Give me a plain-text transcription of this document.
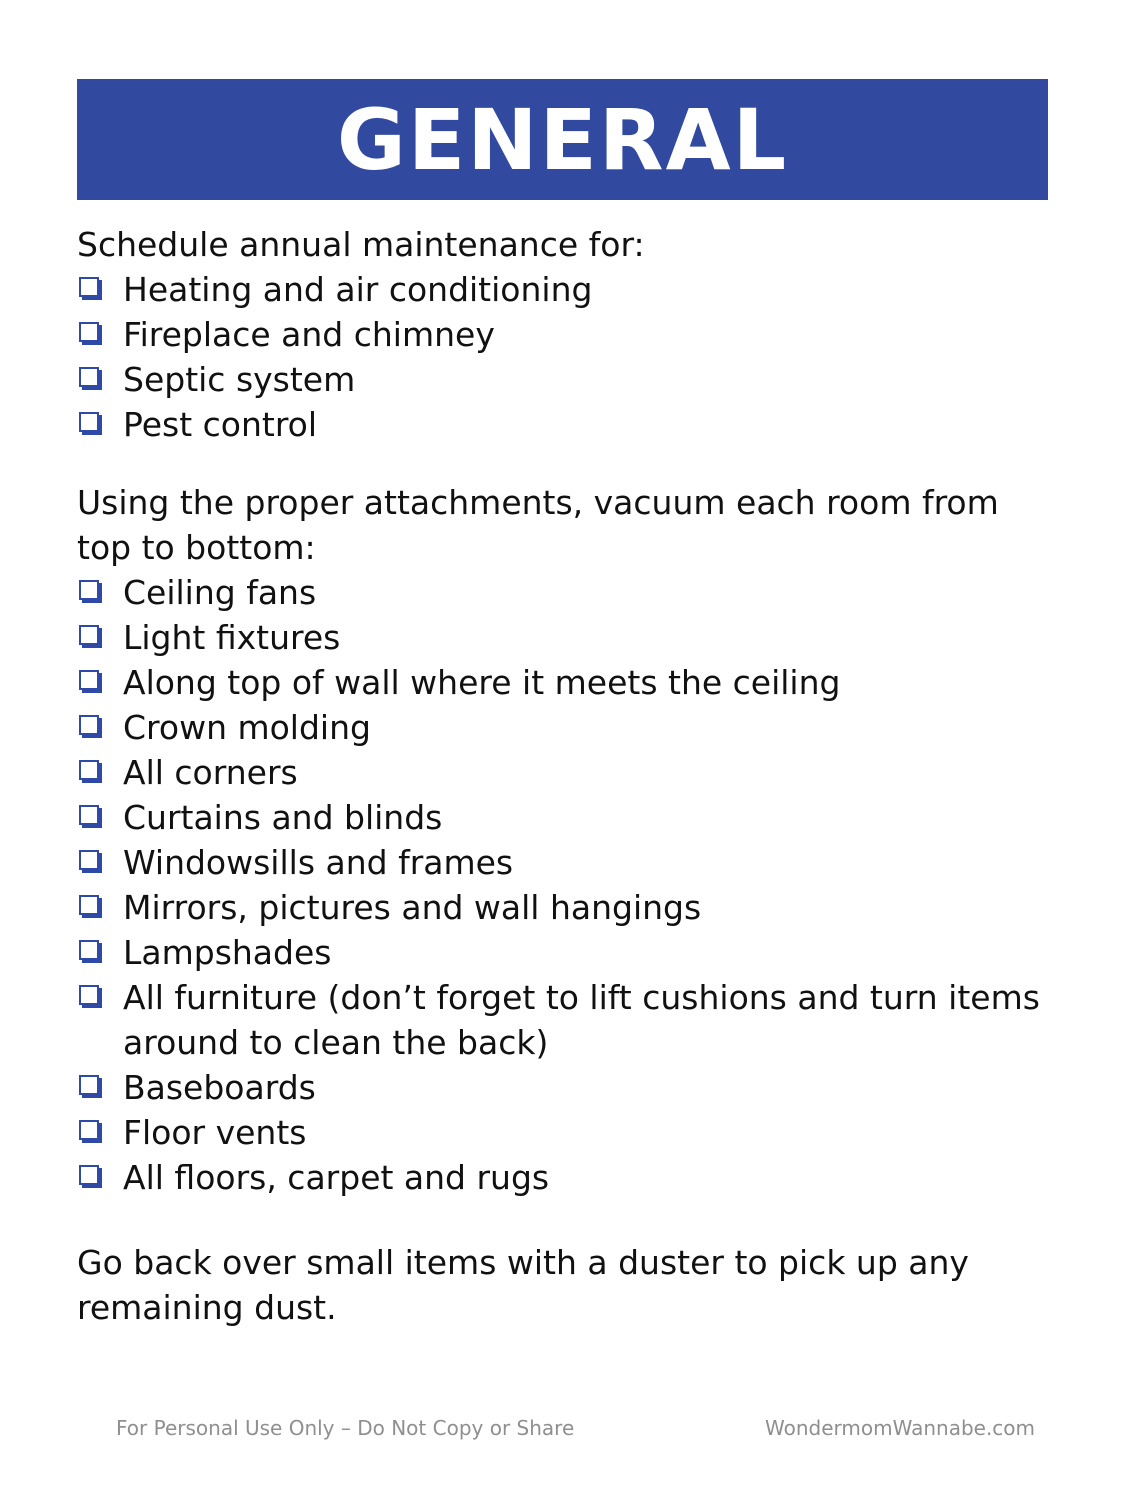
GENERAL

Schedule annual maintenance for:

Heating and air conditioning
Fireplace and chimney
Septic system
Pest control

Using the proper attachments, vacuum each room from top to bottom:

Ceiling fans
Light fixtures
Along top of wall where it meets the ceiling
Crown molding
All corners
Curtains and blinds
Windowsills and frames
Mirrors, pictures and wall hangings
Lampshades
All furniture (don’t forget to lift cushions and turn items around to clean the back)
Baseboards
Floor vents
All floors, carpet and rugs

Go back over small items with a duster to pick up any remaining dust.

For Personal Use Only – Do Not Copy or Share	WondermomWannabe.com
